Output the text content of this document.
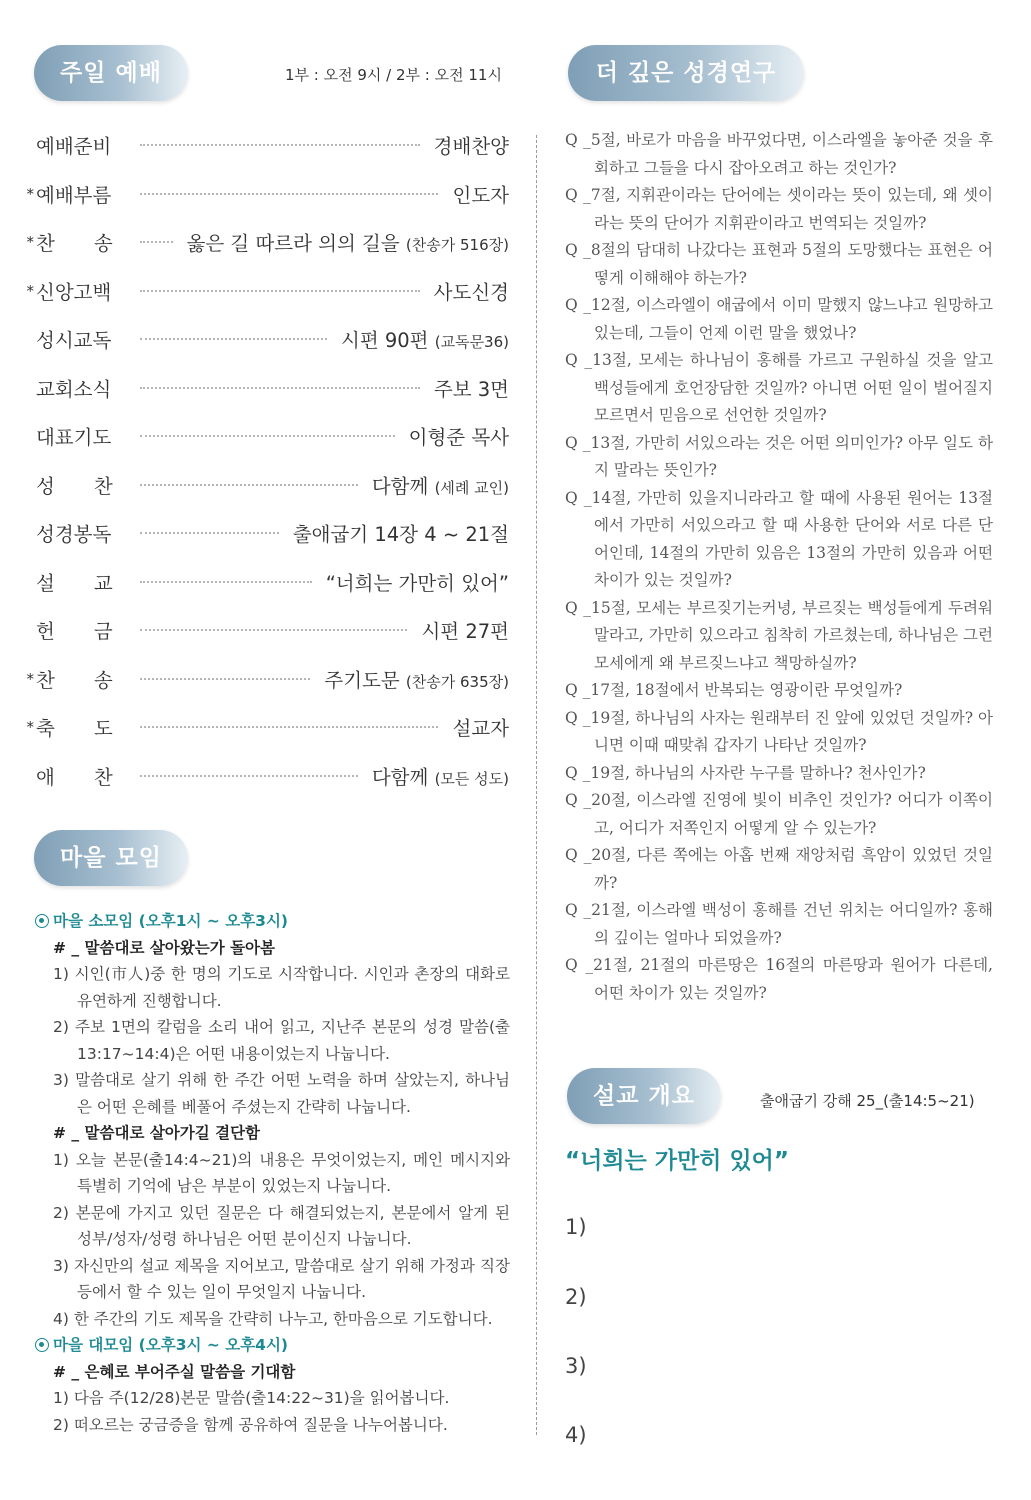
주일 예배	1부 : 오전 9시 / 2부 : 오전 11시
예배준비	경배찬양
* 예배부름	인도자
* 찬　　송	옳은 길 따르라 의의 길을 (찬송가 516장)
* 신앙고백	사도신경
성시교독	시편 90편 (교독문36)
교회소식	주보 3면
대표기도	이형준 목사
성　　찬	다함께 (세례 교인)
성경봉독	출애굽기 14장 4 ~ 21절
설　　교	“너희는 가만히 있어”
헌　　금	시편 27편
* 찬　　송	주기도문 (찬송가 635장)
* 축　　도	설교자
애　　찬	다함께 (모든 성도)
마을 모임
마을 소모임 (오후1시 ~ 오후3시)
# _ 말씀대로 살아왔는가 돌아봄
1) 시인(市人)중 한 명의 기도로 시작합니다. 시인과 촌장의 대화로 유연하게 진행합니다.
2) 주보 1면의 칼럼을 소리 내어 읽고, 지난주 본문의 성경 말씀(출13:17~14:4)은 어떤 내용이었는지 나눕니다.
3) 말씀대로 살기 위해 한 주간 어떤 노력을 하며 살았는지, 하나님은 어떤 은혜를 베풀어 주셨는지 간략히 나눕니다.
# _ 말씀대로 살아가길 결단함
1) 오늘 본문(출14:4~21)의 내용은 무엇이었는지, 메인 메시지와 특별히 기억에 남은 부분이 있었는지 나눕니다.
2) 본문에 가지고 있던 질문은 다 해결되었는지, 본문에서 알게 된 성부/성자/성령 하나님은 어떤 분이신지 나눕니다.
3) 자신만의 설교 제목을 지어보고, 말씀대로 살기 위해 가정과 직장 등에서 할 수 있는 일이 무엇일지 나눕니다.
4) 한 주간의 기도 제목을 간략히 나누고, 한마음으로 기도합니다.
마을 대모임 (오후3시 ~ 오후4시)
# _ 은혜로 부어주실 말씀을 기대함
1) 다음 주(12/28)본문 말씀(출14:22~31)을 읽어봅니다.
2) 떠오르는 궁금증을 함께 공유하여 질문을 나누어봅니다.
더 깊은 성경연구
Q _5절, 바로가 마음을 바꾸었다면, 이스라엘을 놓아준 것을 후회하고 그들을 다시 잡아오려고 하는 것인가?
Q _7절, 지휘관이라는 단어에는 셋이라는 뜻이 있는데, 왜 셋이라는 뜻의 단어가 지휘관이라고 번역되는 것일까?
Q _8절의 담대히 나갔다는 표현과 5절의 도망했다는 표현은 어떻게 이해해야 하는가?
Q _12절, 이스라엘이 애굽에서 이미 말했지 않느냐고 원망하고 있는데, 그들이 언제 이런 말을 했었나?
Q _13절, 모세는 하나님이 홍해를 가르고 구원하실 것을 알고 백성들에게 호언장담한 것일까? 아니면 어떤 일이 벌어질지 모르면서 믿음으로 선언한 것일까?
Q _13절, 가만히 서있으라는 것은 어떤 의미인가? 아무 일도 하지 말라는 뜻인가?
Q _14절, 가만히 있을지니라라고 할 때에 사용된 원어는 13절에서 가만히 서있으라고 할 때 사용한 단어와 서로 다른 단어인데, 14절의 가만히 있음은 13절의 가만히 있음과 어떤 차이가 있는 것일까?
Q _15절, 모세는 부르짖기는커녕, 부르짖는 백성들에게 두려워 말라고, 가만히 있으라고 침착히 가르쳤는데, 하나님은 그런 모세에게 왜 부르짖느냐고 책망하실까?
Q _17절, 18절에서 반복되는 영광이란 무엇일까?
Q _19절, 하나님의 사자는 원래부터 진 앞에 있었던 것일까? 아니면 이때 때맞춰 갑자기 나타난 것일까?
Q _19절, 하나님의 사자란 누구를 말하나? 천사인가?
Q _20절, 이스라엘 진영에 빛이 비추인 것인가? 어디가 이쪽이고, 어디가 저쪽인지 어떻게 알 수 있는가?
Q _20절, 다른 쪽에는 아홉 번째 재앙처럼 흑암이 있었던 것일까?
Q _21절, 이스라엘 백성이 홍해를 건넌 위치는 어디일까? 홍해의 깊이는 얼마나 되었을까?
Q _21절, 21절의 마른땅은 16절의 마른땅과 원어가 다른데, 어떤 차이가 있는 것일까?
설교 개요	출애굽기 강해 25_(출14:5~21)
“너희는 가만히 있어”
1)
2)
3)
4)
